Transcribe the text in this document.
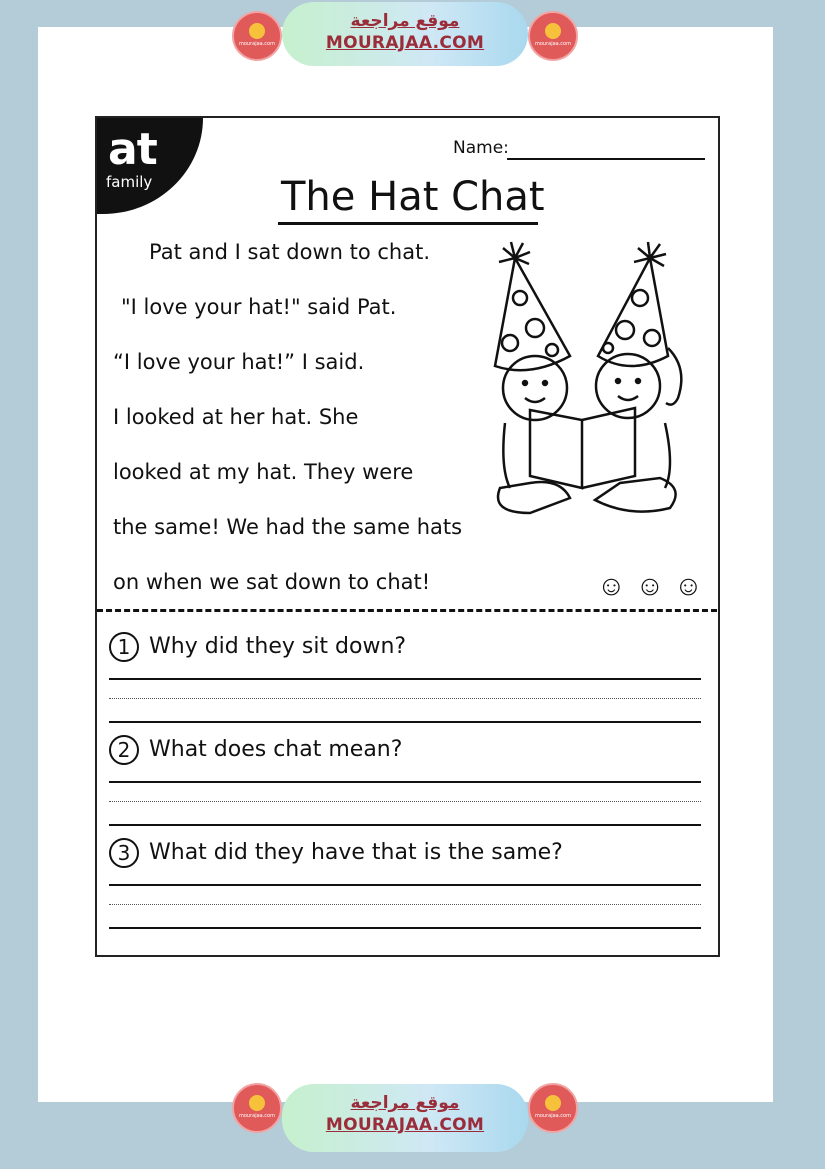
mourajaa.com
موقع مراجعة
MOURAJAA.COM	mourajaa.com
at
family
Name:
The Hat Chat
Pat and I sat down to chat.
"I love your hat!" said Pat.
“I love your hat!” I said.
I looked at her hat. She
looked at my hat. They were
the same! We had the same hats
on when we sat down to chat!	☺☺☺
1 Why did they sit down?
2 What does chat mean?
3 What did they have that is the same?
mourajaa.com
موقع مراجعة
MOURAJAA.COM	mourajaa.com
